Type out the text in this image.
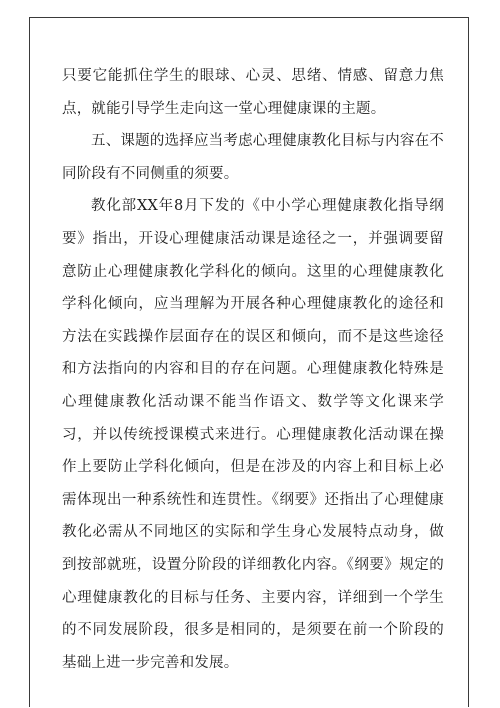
只要它能抓住学生的眼球、心灵、思绪、情感、留意力焦点，就能引导学生走向这一堂心理健康课的主题。

五、课题的选择应当考虑心理健康教化目标与内容在不同阶段有不同侧重的须要。

教化部XX年8月下发的《中小学心理健康教化指导纲要》指出，开设心理健康活动课是途径之一，并强调要留意防止心理健康教化学科化的倾向。这里的心理健康教化学科化倾向，应当理解为开展各种心理健康教化的途径和方法在实践操作层面存在的误区和倾向，而不是这些途径和方法指向的内容和目的存在问题。心理健康教化特殊是心理健康教化活动课不能当作语文、数学等文化课来学习，并以传统授课模式来进行。心理健康教化活动课在操作上要防止学科化倾向，但是在涉及的内容上和目标上必需体现出一种系统性和连贯性。《纲要》还指出了心理健康教化必需从不同地区的实际和学生身心发展特点动身，做到按部就班，设置分阶段的详细教化内容。《纲要》规定的心理健康教化的目标与任务、主要内容，详细到一个学生的不同发展阶段，很多是相同的，是须要在前一个阶段的基础上进一步完善和发展。
